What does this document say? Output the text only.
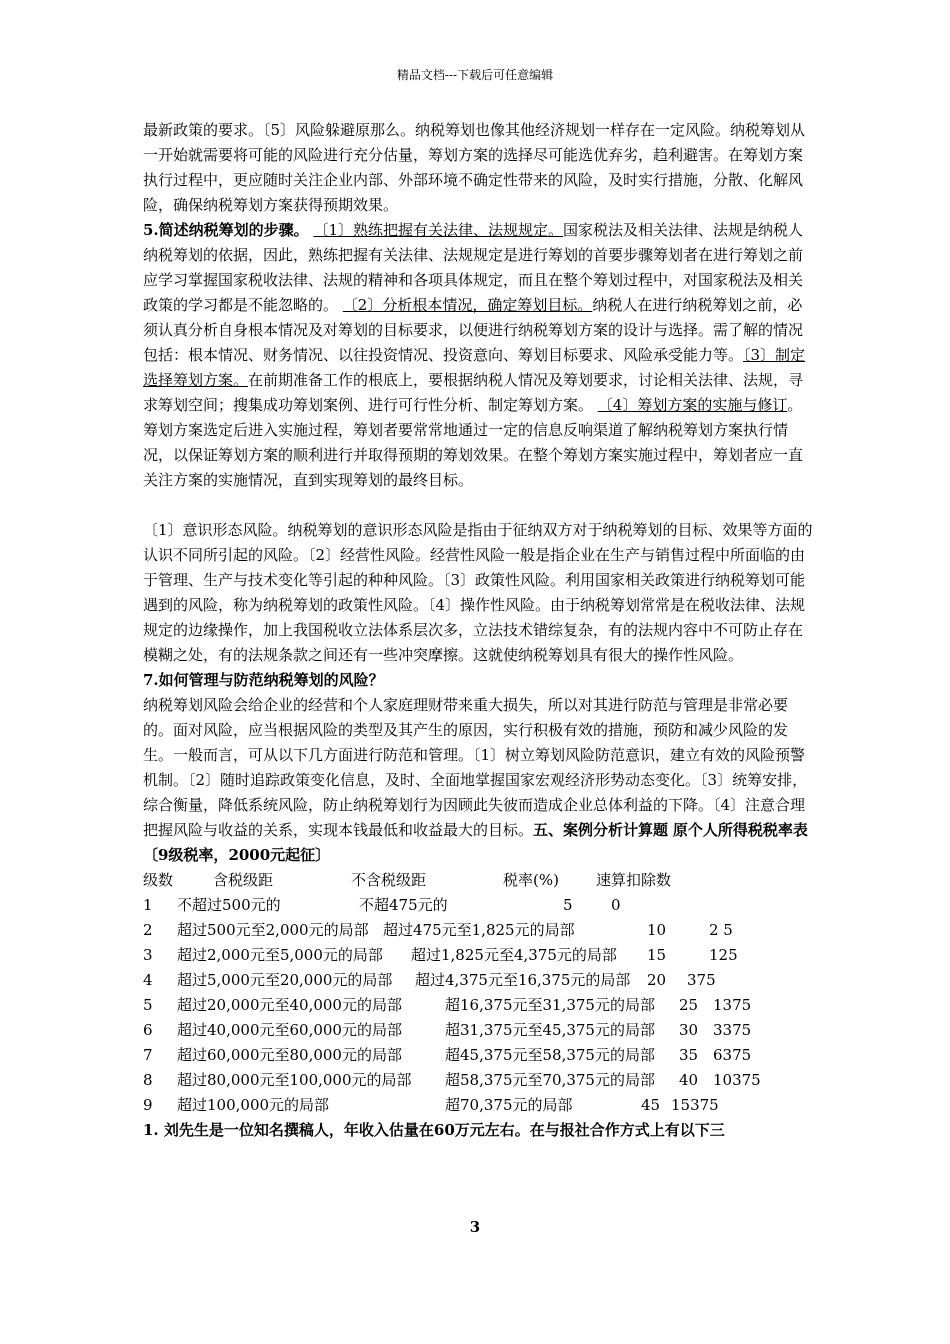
精品文档---下载后可任意编辑

最新政策的要求。〔5〕风险躲避原那么。纳税筹划也像其他经济规划一样存在一定风险。纳税筹划从一开始就需要将可能的风险进行充分估量，筹划方案的选择尽可能选优弃劣，趋利避害。在筹划方案执行过程中，更应随时关注企业内部、外部环境不确定性带来的风险，及时实行措施，分散、化解风险，确保纳税筹划方案获得预期效果。

5.简述纳税筹划的步骤。 〔1〕熟练把握有关法律、法规规定。国家税法及相关法律、法规是纳税人纳税筹划的依据，因此，熟练把握有关法律、法规规定是进行筹划的首要步骤筹划者在进行筹划之前应学习掌握国家税收法律、法规的精神和各项具体规定，而且在整个筹划过程中，对国家税法及相关政策的学习都是不能忽略的。 〔2〕分析根本情况，确定筹划目标。纳税人在进行纳税筹划之前，必须认真分析自身根本情况及对筹划的目标要求，以便进行纳税筹划方案的设计与选择。需了解的情况包括：根本情况、财务情况、以往投资情况、投资意向、筹划目标要求、风险承受能力等。〔3〕制定选择筹划方案。在前期准备工作的根底上，要根据纳税人情况及筹划要求，讨论相关法律、法规，寻求筹划空间；搜集成功筹划案例、进行可行性分析、制定筹划方案。 〔4〕筹划方案的实施与修订。筹划方案选定后进入实施过程，筹划者要常常地通过一定的信息反响渠道了解纳税筹划方案执行情况，以保证筹划方案的顺利进行并取得预期的筹划效果。在整个筹划方案实施过程中，筹划者应一直关注方案的实施情况，直到实现筹划的最终目标。

〔1〕意识形态风险。纳税筹划的意识形态风险是指由于征纳双方对于纳税筹划的目标、效果等方面的认识不同所引起的风险。〔2〕经营性风险。经营性风险一般是指企业在生产与销售过程中所面临的由于管理、生产与技术变化等引起的种种风险。〔3〕政策性风险。利用国家相关政策进行纳税筹划可能遇到的风险，称为纳税筹划的政策性风险。〔4〕操作性风险。由于纳税筹划常常是在税收法律、法规规定的边缘操作，加上我国税收立法体系层次多，立法技术错综复杂，有的法规内容中不可防止存在模糊之处，有的法规条款之间还有一些冲突摩擦。这就使纳税筹划具有很大的操作性风险。

7.如何管理与防范纳税筹划的风险？

纳税筹划风险会给企业的经营和个人家庭理财带来重大损失，所以对其进行防范与管理是非常必要的。面对风险，应当根据风险的类型及其产生的原因，实行积极有效的措施，预防和减少风险的发生。一般而言，可从以下几方面进行防范和管理。〔1〕树立筹划风险防范意识，建立有效的风险预警机制。〔2〕随时追踪政策变化信息，及时、全面地掌握国家宏观经济形势动态变化。〔3〕统筹安排，综合衡量，降低系统风险，防止纳税筹划行为因顾此失彼而造成企业总体利益的下降。〔4〕注意合理把握风险与收益的关系，实现本钱最低和收益最大的目标。五、案例分析计算题 原个人所得税税率表〔9级税率，2000元起征〕

级数	含税级距	不含税级距	税率(%) 速算扣除数
1 不超过500元的	不超475元的	5	0
2 超过500元至2,000元的局部 超过475元至1,825元的局部	10	2 5
3 超过2,000元至5,000元的局部 超过1,825元至4,375元的局部 15	125
4 超过5,000元至20,000元的局部 超过4,375元至16,375元的局部 20 375
5 超过20,000元至40,000元的局部	超16,375元至31,375元的局部 25 1375
6 超过40,000元至60,000元的局部	超31,375元至45,375元的局部 30 3375
7 超过60,000元至80,000元的局部	超45,375元至58,375元的局部 35 6375
8 超过80,000元至100,000元的局部 超58,375元至70,375元的局部 40 10375
9 超过100,000元的局部	超70,375元的局部	45 15375

1. 刘先生是一位知名撰稿人，年收入估量在60万元左右。在与报社合作方式上有以下三

3
